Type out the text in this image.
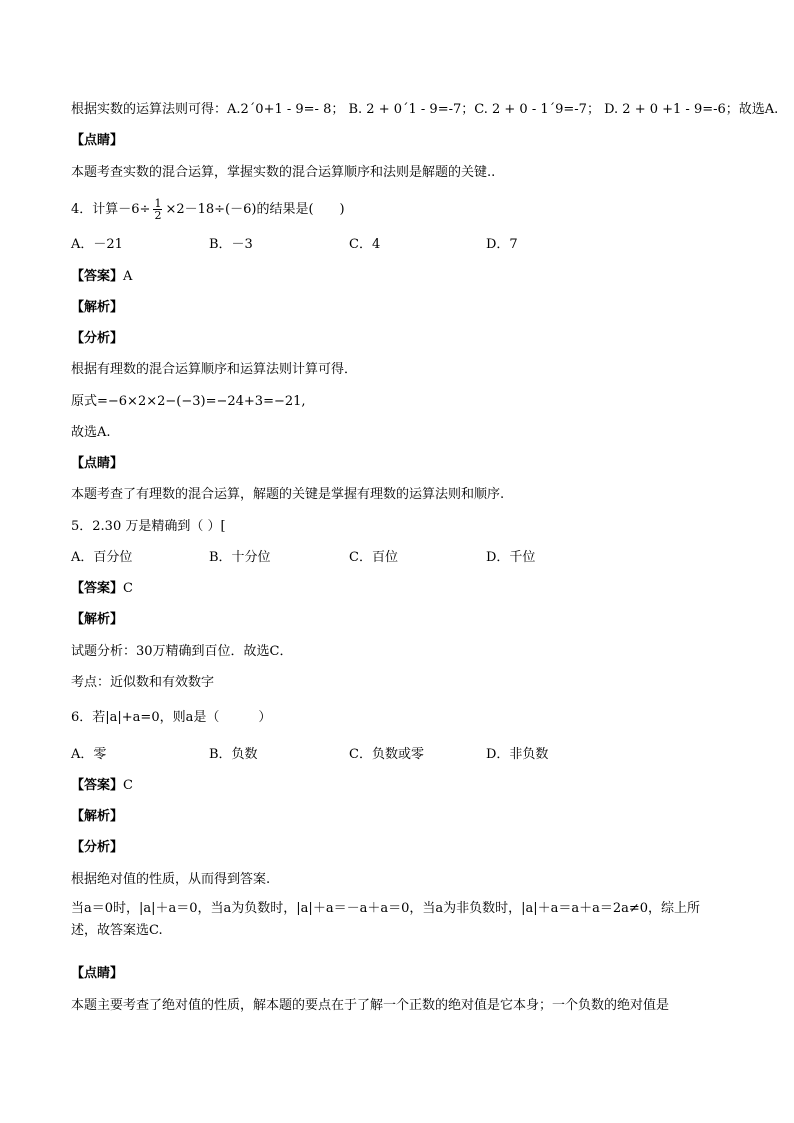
根据实数的运算法则可得：A.2´0+1 - 9=- 8； B. 2 + 0´1 - 9=-7；C. 2 + 0 - 1´9=-7； D. 2 + 0 +1 - 9=-6；故选A.
【点睛】
本题考查实数的混合运算，掌握实数的混合运算顺序和法则是解题的关键..
4．计算$-6\div \frac{1}{2} \times 2-18\div(-6)$的结果是(　　)
A．－21	B．－3	C．4	D．7
【答案】A
【解析】
【分析】
根据有理数的混合运算顺序和运算法则计算可得．
原式=−6×2×2−(−3)=−24+3=−21,
故选A.
【点睛】
本题考查了有理数的混合运算，解题的关键是掌握有理数的运算法则和顺序.
5．2.30 万是精确到（ ）[
A．百分位	B．十分位	C．百位	D．千位
【答案】C
【解析】
试题分析：30万精确到百位．故选C．
考点：近似数和有效数字
6．若|a|+a=0，则a是（　　　）
A．零	B．负数	C．负数或零	D．非负数
【答案】C
【解析】
【分析】
根据绝对值的性质，从而得到答案.
当a＝0时，|a|＋a＝0，当a为负数时，|a|＋a＝－a＋a＝0，当a为非负数时，|a|＋a＝a＋a＝2a≠0，综上所述，故答案选C.
【点睛】
本题主要考查了绝对值的性质，解本题的要点在于了解一个正数的绝对值是它本身；一个负数的绝对值是
